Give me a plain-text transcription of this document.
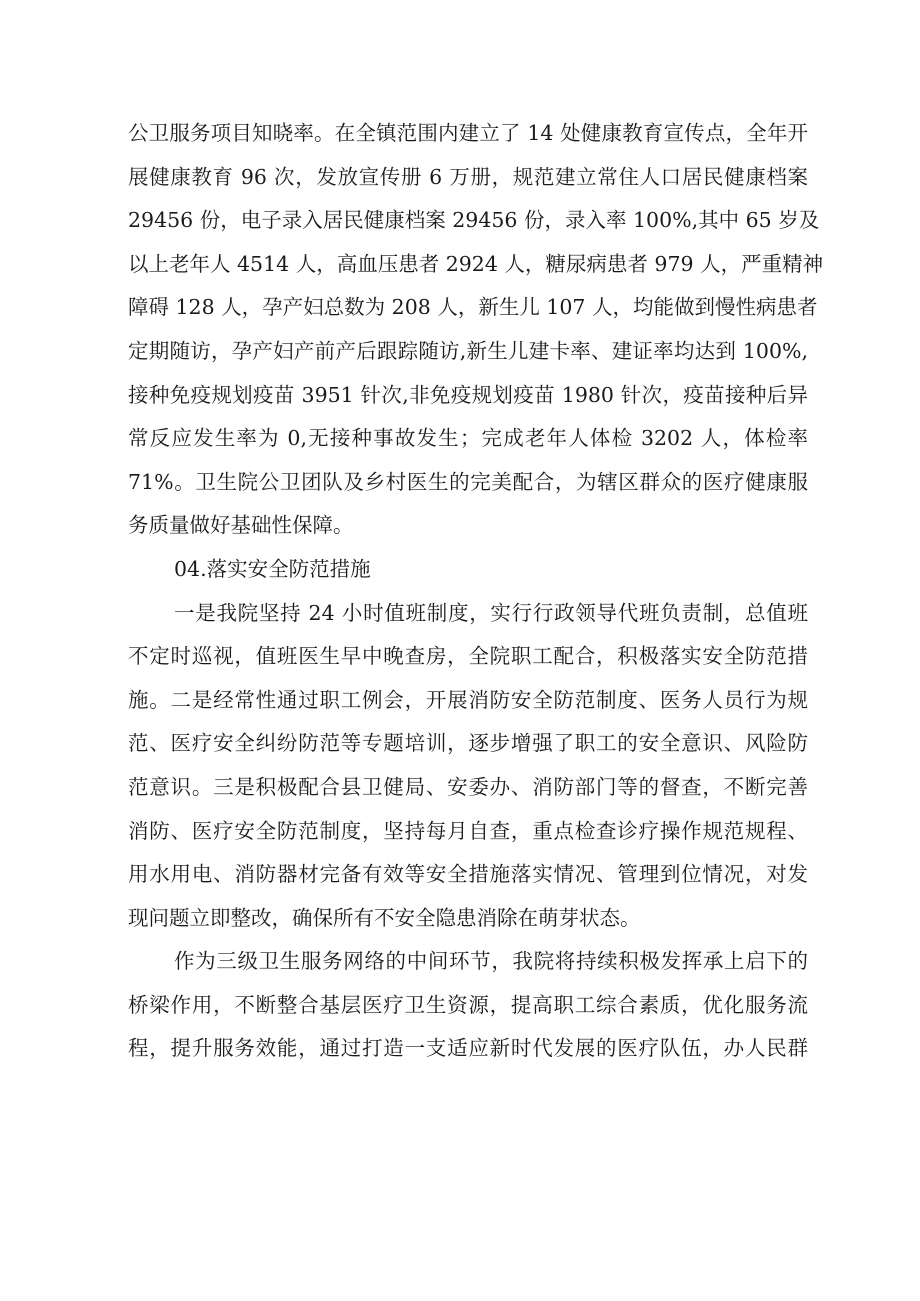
公卫服务项目知晓率。在全镇范围内建立了 14 处健康教育宣传点，全年开
展健康教育 96 次，发放宣传册 6 万册，规范建立常住人口居民健康档案
29456 份，电子录入居民健康档案 29456 份，录入率 100%,其中 65 岁及
以上老年人 4514 人，高血压患者 2924 人，糖尿病患者 979 人，严重精神
障碍 128 人，孕产妇总数为 208 人，新生儿 107 人，均能做到慢性病患者
定期随访，孕产妇产前产后跟踪随访,新生儿建卡率、建证率均达到 100%,
接种免疫规划疫苗 3951 针次,非免疫规划疫苗 1980 针次，疫苗接种后异
常反应发生率为 0,无接种事故发生；完成老年人体检 3202 人，体检率
71%。卫生院公卫团队及乡村医生的完美配合，为辖区群众的医疗健康服
务质量做好基础性保障。
04.落实安全防范措施
一是我院坚持 24 小时值班制度，实行行政领导代班负责制，总值班
不定时巡视，值班医生早中晚查房，全院职工配合，积极落实安全防范措
施。二是经常性通过职工例会，开展消防安全防范制度、医务人员行为规
范、医疗安全纠纷防范等专题培训，逐步增强了职工的安全意识、风险防
范意识。三是积极配合县卫健局、安委办、消防部门等的督查，不断完善
消防、医疗安全防范制度，坚持每月自查，重点检查诊疗操作规范规程、
用水用电、消防器材完备有效等安全措施落实情况、管理到位情况，对发
现问题立即整改，确保所有不安全隐患消除在萌芽状态。
作为三级卫生服务网络的中间环节，我院将持续积极发挥承上启下的
桥梁作用，不断整合基层医疗卫生资源，提高职工综合素质，优化服务流
程，提升服务效能，通过打造一支适应新时代发展的医疗队伍，办人民群
